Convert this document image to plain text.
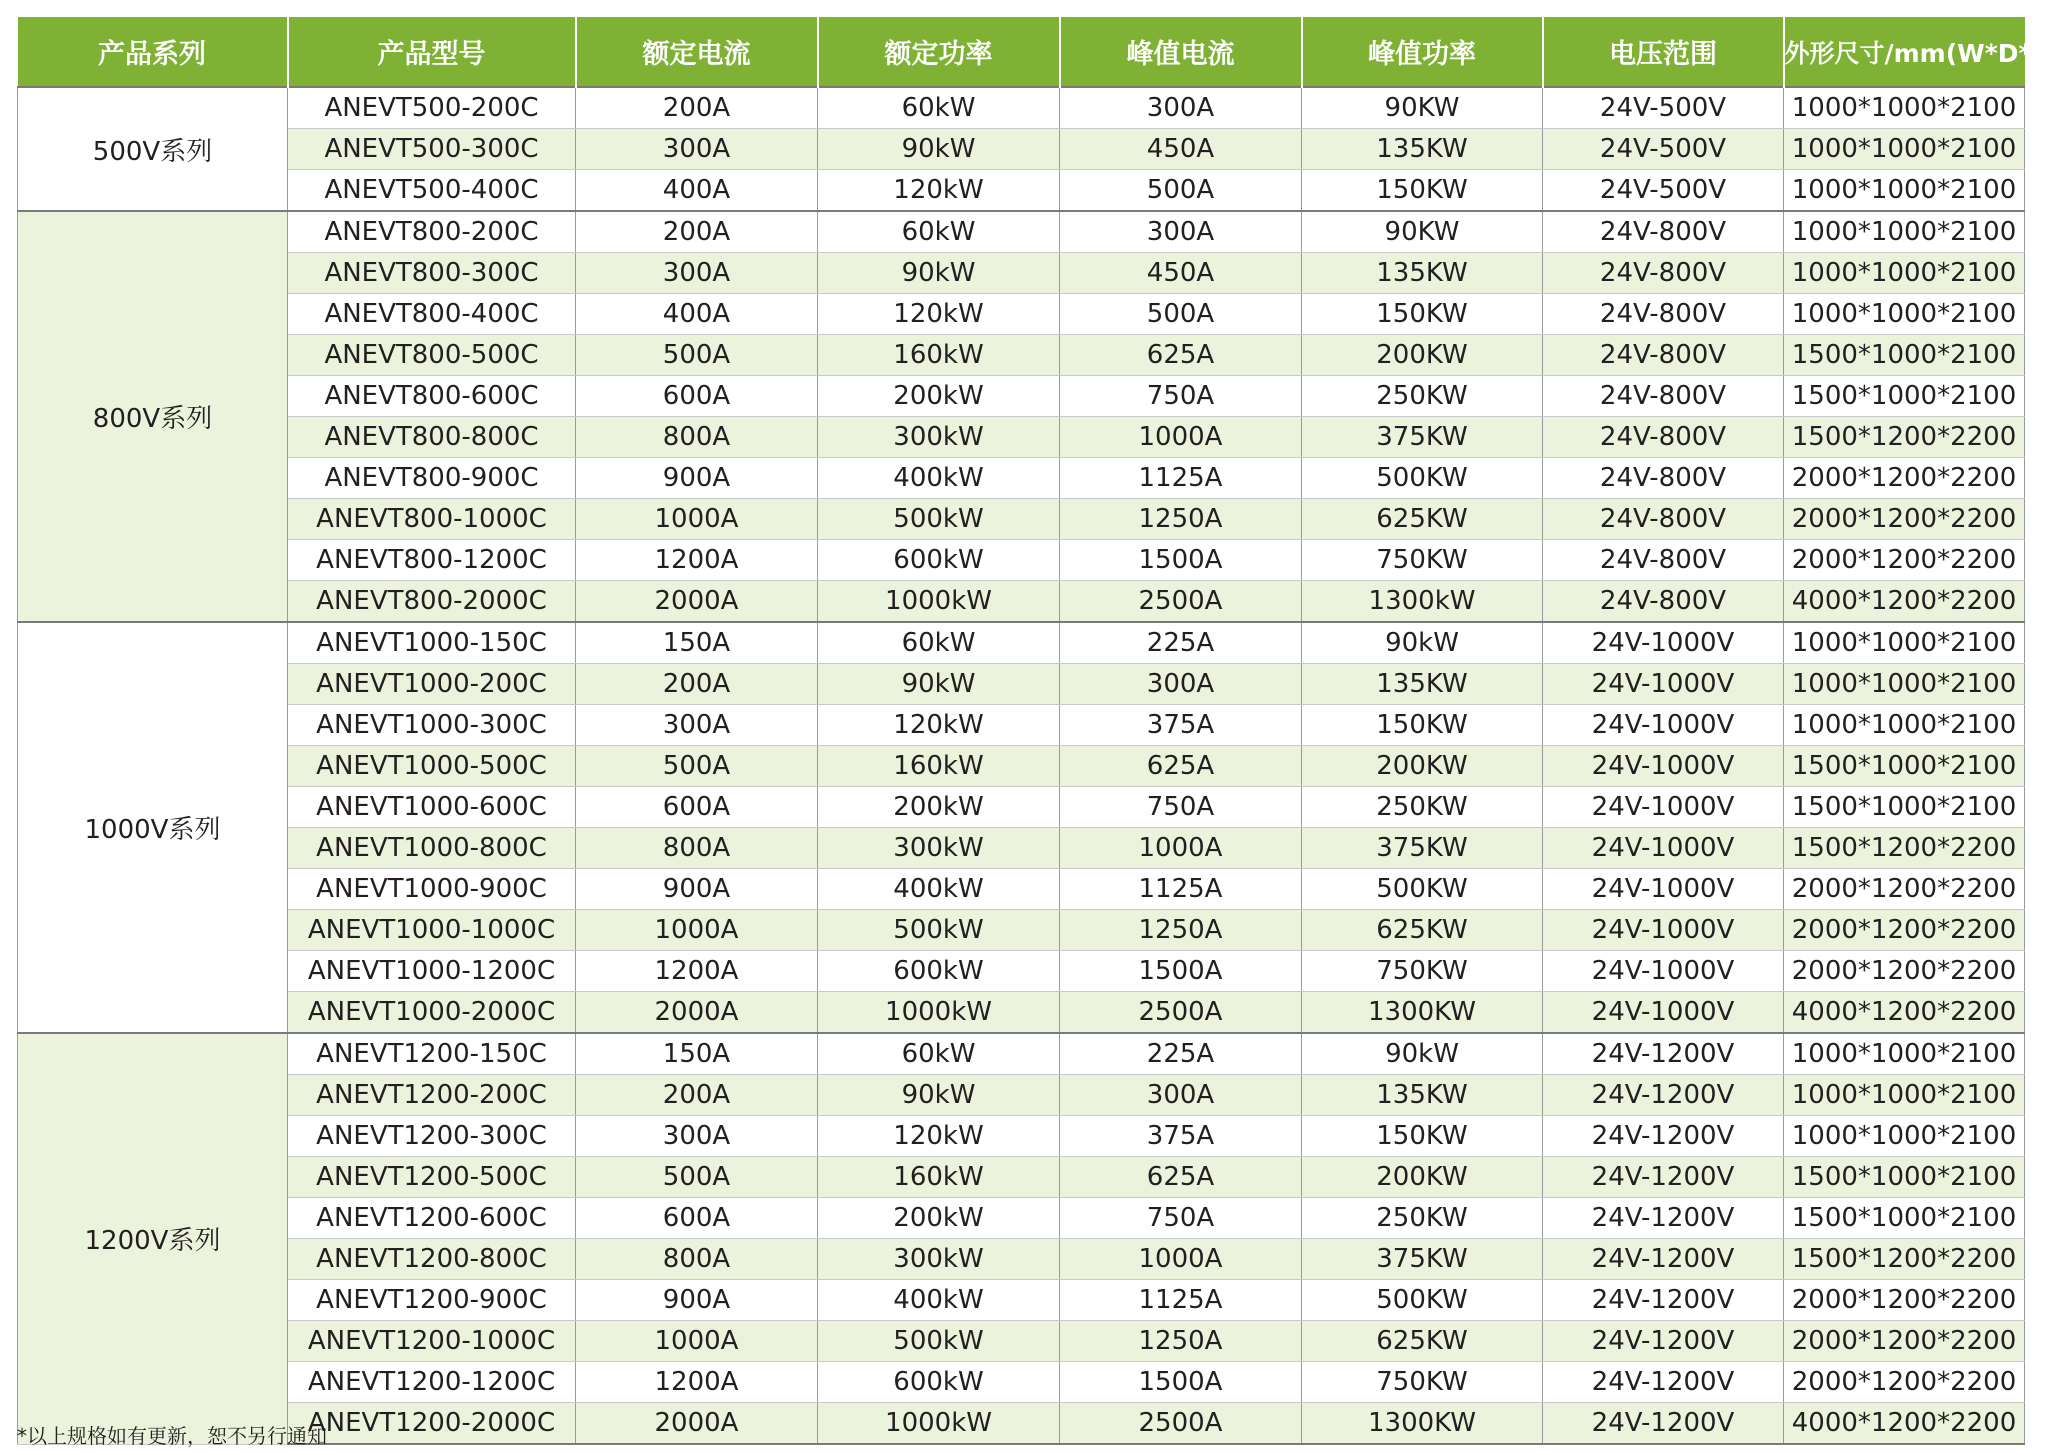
产品系列	产品型号	额定电流	额定功率	峰值电流	峰值功率	电压范围	外形尺寸/mm(W*D*H)
500V系列	ANEVT500-200C	200A	60kW	300A	90KW	24V-500V	1000*1000*2100
	ANEVT500-300C	300A	90kW	450A	135KW	24V-500V	1000*1000*2100
	ANEVT500-400C	400A	120kW	500A	150KW	24V-500V	1000*1000*2100
800V系列	ANEVT800-200C	200A	60kW	300A	90KW	24V-800V	1000*1000*2100
	ANEVT800-300C	300A	90kW	450A	135KW	24V-800V	1000*1000*2100
	ANEVT800-400C	400A	120kW	500A	150KW	24V-800V	1000*1000*2100
	ANEVT800-500C	500A	160kW	625A	200KW	24V-800V	1500*1000*2100
	ANEVT800-600C	600A	200kW	750A	250KW	24V-800V	1500*1000*2100
	ANEVT800-800C	800A	300kW	1000A	375KW	24V-800V	1500*1200*2200
	ANEVT800-900C	900A	400kW	1125A	500KW	24V-800V	2000*1200*2200
	ANEVT800-1000C	1000A	500kW	1250A	625KW	24V-800V	2000*1200*2200
	ANEVT800-1200C	1200A	600kW	1500A	750KW	24V-800V	2000*1200*2200
	ANEVT800-2000C	2000A	1000kW	2500A	1300kW	24V-800V	4000*1200*2200
1000V系列	ANEVT1000-150C	150A	60kW	225A	90kW	24V-1000V	1000*1000*2100
	ANEVT1000-200C	200A	90kW	300A	135KW	24V-1000V	1000*1000*2100
	ANEVT1000-300C	300A	120kW	375A	150KW	24V-1000V	1000*1000*2100
	ANEVT1000-500C	500A	160kW	625A	200KW	24V-1000V	1500*1000*2100
	ANEVT1000-600C	600A	200kW	750A	250KW	24V-1000V	1500*1000*2100
	ANEVT1000-800C	800A	300kW	1000A	375KW	24V-1000V	1500*1200*2200
	ANEVT1000-900C	900A	400kW	1125A	500KW	24V-1000V	2000*1200*2200
	ANEVT1000-1000C	1000A	500kW	1250A	625KW	24V-1000V	2000*1200*2200
	ANEVT1000-1200C	1200A	600kW	1500A	750KW	24V-1000V	2000*1200*2200
	ANEVT1000-2000C	2000A	1000kW	2500A	1300KW	24V-1000V	4000*1200*2200
1200V系列	ANEVT1200-150C	150A	60kW	225A	90kW	24V-1200V	1000*1000*2100
	ANEVT1200-200C	200A	90kW	300A	135KW	24V-1200V	1000*1000*2100
	ANEVT1200-300C	300A	120kW	375A	150KW	24V-1200V	1000*1000*2100
	ANEVT1200-500C	500A	160kW	625A	200KW	24V-1200V	1500*1000*2100
	ANEVT1200-600C	600A	200kW	750A	250KW	24V-1200V	1500*1000*2100
	ANEVT1200-800C	800A	300kW	1000A	375KW	24V-1200V	1500*1200*2200
	ANEVT1200-900C	900A	400kW	1125A	500KW	24V-1200V	2000*1200*2200
	ANEVT1200-1000C	1000A	500kW	1250A	625KW	24V-1200V	2000*1200*2200
	ANEVT1200-1200C	1200A	600kW	1500A	750KW	24V-1200V	2000*1200*2200
	ANEVT1200-2000C	2000A	1000kW	2500A	1300KW	24V-1200V	4000*1200*2200
*以上规格如有更新，恕不另行通知
